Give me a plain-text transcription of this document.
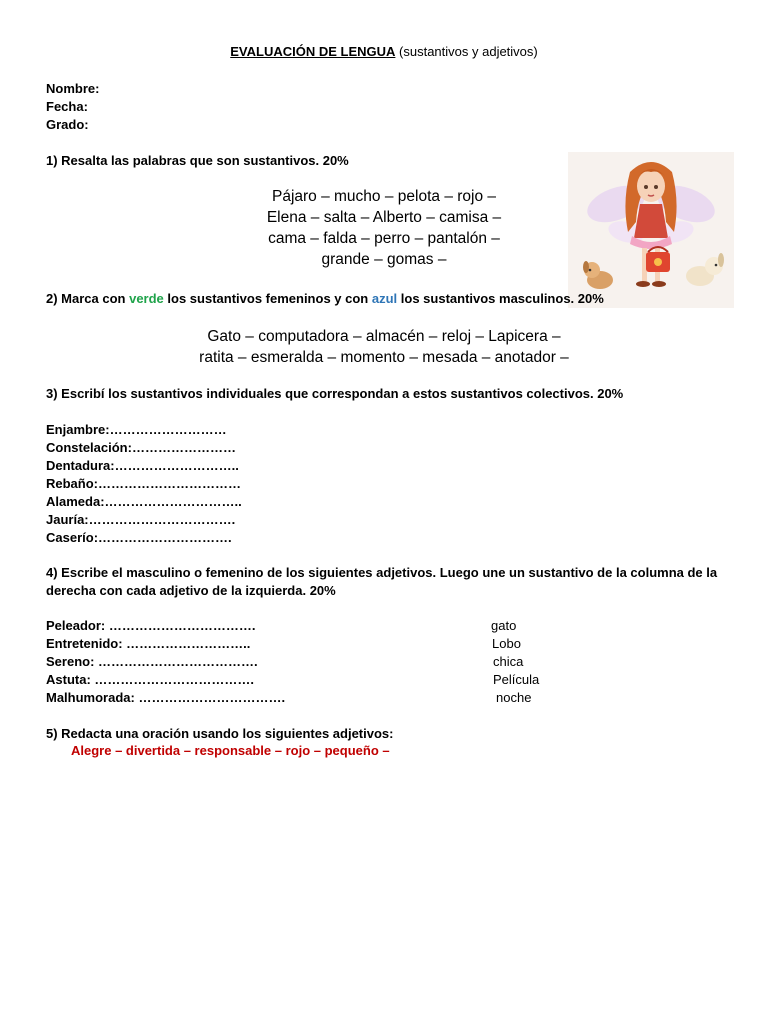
EVALUACIÓN DE LENGUA (sustantivos y adjetivos)
Nombre:
Fecha:
Grado:
1) Resalta las palabras que son sustantivos. 20%
Pájaro – mucho – pelota – rojo –
Elena – salta – Alberto – camisa –
cama – falda – perro – pantalón –
grande – gomas –
2) Marca con verde los sustantivos femeninos y con azul los sustantivos masculinos. 20%
Gato – computadora – almacén – reloj – Lapicera –
ratita – esmeralda – momento – mesada – anotador –
3) Escribí los sustantivos individuales que correspondan a estos sustantivos colectivos. 20%
Enjambre:………………………
Constelación:……………………
Dentadura:………………………..
Rebaño:……………………………
Alameda:…………………………..
Jauría:…………………………….
Caserío:………………………….
4) Escribe el masculino o femenino de los siguientes adjetivos. Luego une un sustantivo de la columna de la derecha con cada adjetivo de la izquierda. 20%
Peleador: …………………………….
Entretenido: ………………………..
Sereno: ……………………………….
Astuta: ……………………………….
Malhumorada: …………………………….
gato
Lobo
chica
Película
noche
5) Redacta una oración usando los siguientes adjetivos:
Alegre – divertida – responsable – rojo – pequeño –
